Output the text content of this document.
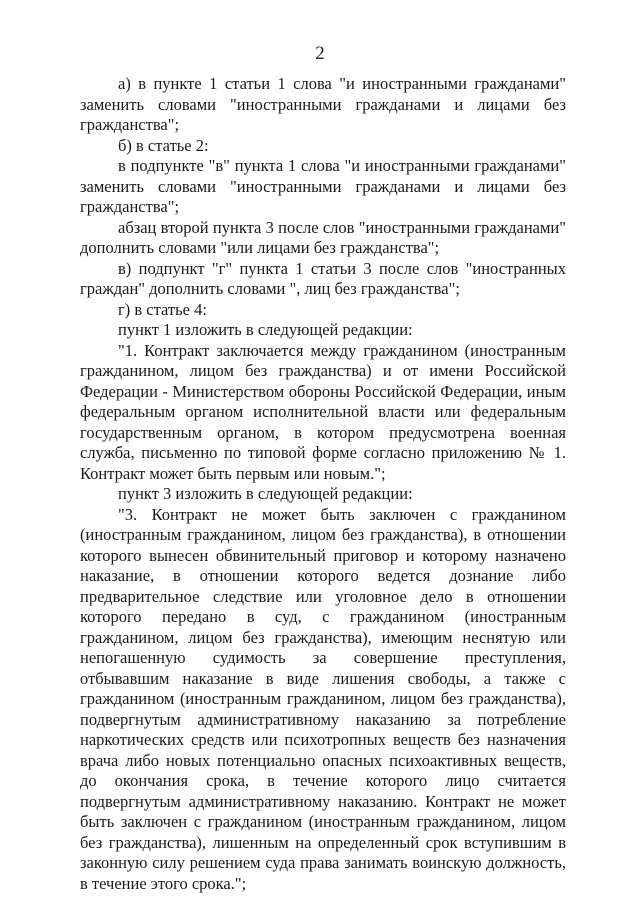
2

а) в пункте 1 статьи 1 слова "и иностранными гражданами" заменить словами "иностранными гражданами и лицами без гражданства";

б) в статье 2:

в подпункте "в" пункта 1 слова "и иностранными гражданами" заменить словами "иностранными гражданами и лицами без гражданства";

абзац второй пункта 3 после слов "иностранными гражданами" дополнить словами "или лицами без гражданства";

в) подпункт "г" пункта 1 статьи 3 после слов "иностранных граждан" дополнить словами ", лиц без гражданства";

г) в статье 4:

пункт 1 изложить в следующей редакции:

"1. Контракт заключается между гражданином (иностранным гражданином, лицом без гражданства) и от имени Российской Федерации - Министерством обороны Российской Федерации, иным федеральным органом исполнительной власти или федеральным государственным органом, в котором предусмотрена военная служба, письменно по типовой форме согласно приложению № 1. Контракт может быть первым или новым.";

пункт 3 изложить в следующей редакции:

"3. Контракт не может быть заключен с гражданином (иностранным гражданином, лицом без гражданства), в отношении которого вынесен обвинительный приговор и которому назначено наказание, в отношении которого ведется дознание либо предварительное следствие или уголовное дело в отношении которого передано в суд, с гражданином (иностранным гражданином, лицом без гражданства), имеющим неснятую или непогашенную судимость за совершение преступления, отбывавшим наказание в виде лишения свободы, а также с гражданином (иностранным гражданином, лицом без гражданства), подвергнутым административному наказанию за потребление наркотических средств или психотропных веществ без назначения врача либо новых потенциально опасных психоактивных веществ, до окончания срока, в течение которого лицо считается подвергнутым административному наказанию. Контракт не может быть заключен с гражданином (иностранным гражданином, лицом без гражданства), лишенным на определенный срок вступившим в законную силу решением суда права занимать воинскую должность, в течение этого срока.";
